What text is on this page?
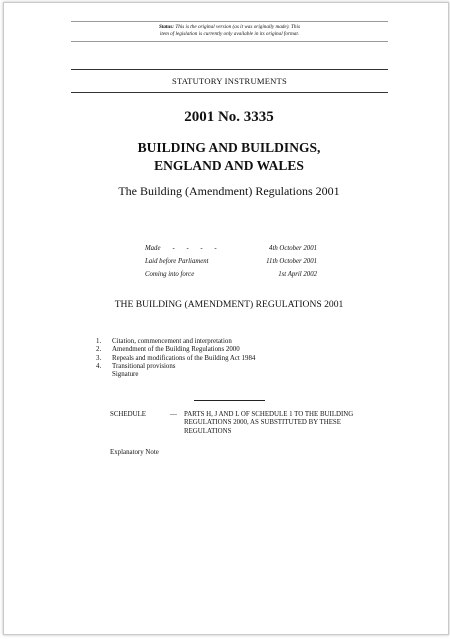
Status: This is the original version (as it was originally made). This
item of legislation is currently only available in its original format.
STATUTORY INSTRUMENTS
2001 No. 3335
BUILDING AND BUILDINGS,
ENGLAND AND WALES
The Building (Amendment) Regulations 2001
Made - - - -	4th October 2001
Laid before Parliament	11th October 2001
Coming into force	1st April 2002
THE BUILDING (AMENDMENT) REGULATIONS 2001
1.	Citation, commencement and interpretation
2.	Amendment of the Building Regulations 2000
3.	Repeals and modifications of the Building Act 1984
4.	Transitional provisions
Signature
SCHEDULE	—	PARTS H, J AND L OF SCHEDULE 1 TO THE BUILDING REGULATIONS 2000, AS SUBSTITUTED BY THESE REGULATIONS
Explanatory Note
